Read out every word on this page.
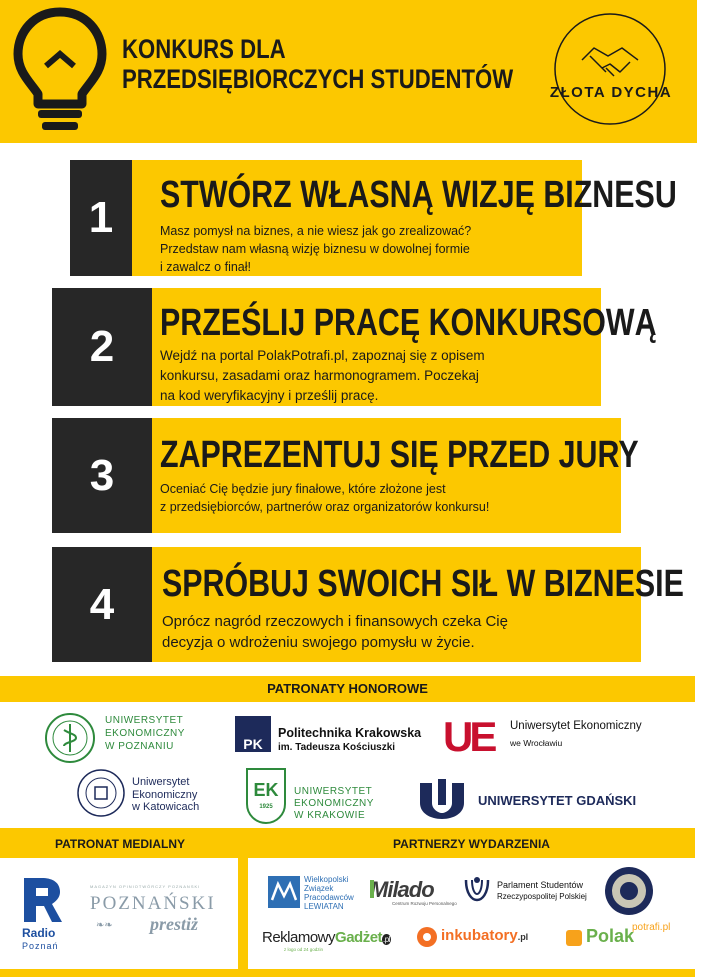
KONKURS DLA
PRZEDSIĘBIORCZYCH STUDENTÓW	ZŁOTA DYCHA
1	STWÓRZ WŁASNĄ WIZJĘ BIZNESU
Masz pomysł na biznes, a nie wiesz jak go zrealizować?
Przedstaw nam własną wizję biznesu w dowolnej formie
i zawalcz o finał!
2	PRZEŚLIJ PRACĘ KONKURSOWĄ
Wejdź na portal PolakPotrafi.pl, zapoznaj się z opisem
konkursu, zasadami oraz harmonogramem. Poczekaj
na kod weryfikacyjny i prześlij pracę.
3	ZAPREZENTUJ SIĘ PRZED JURY
Oceniać Cię będzie jury finałowe, które złożone jest
z przedsiębiorców, partnerów oraz organizatorów konkursu!
4	SPRÓBUJ SWOICH SIŁ W BIZNESIE
Oprócz nagród rzeczowych i finansowych czeka Cię
decyzja o wdrożeniu swojego pomysłu w życie.
PATRONATY HONOROWE
UNIWERSYTET
EKONOMICZNY
W POZNANIU	PK
Politechnika Krakowska
im. Tadeusza Kościuszki UE	Uniwersytet Ekonomiczny
we Wrocławiu
Uniwersytet
Ekonomiczny
w Katowicach
EK
1925
UNIWERSYTET
EKONOMICZNY
W KRAKOWIE
UNIWERSYTET GDAŃSKI
PATRONAT MEDIALNY	PARTNERZY WYDARZENIA
Radio
Poznań
MAGAZYN OPINIOTWÓRCZY POZNANSKI
POZNAŃSKI
prestiż
❧❧
Wielkopolski
Związek
Pracodawców
LEWIATAN
Milado
Centrum Rozwoju Personalnego
Parlament Studentów
Rzeczypospolitej Polskiej
ReklamowyGadżet.pl
z logo od 24 godzin
inkubatory.pl	Polak
potrafi.pl
